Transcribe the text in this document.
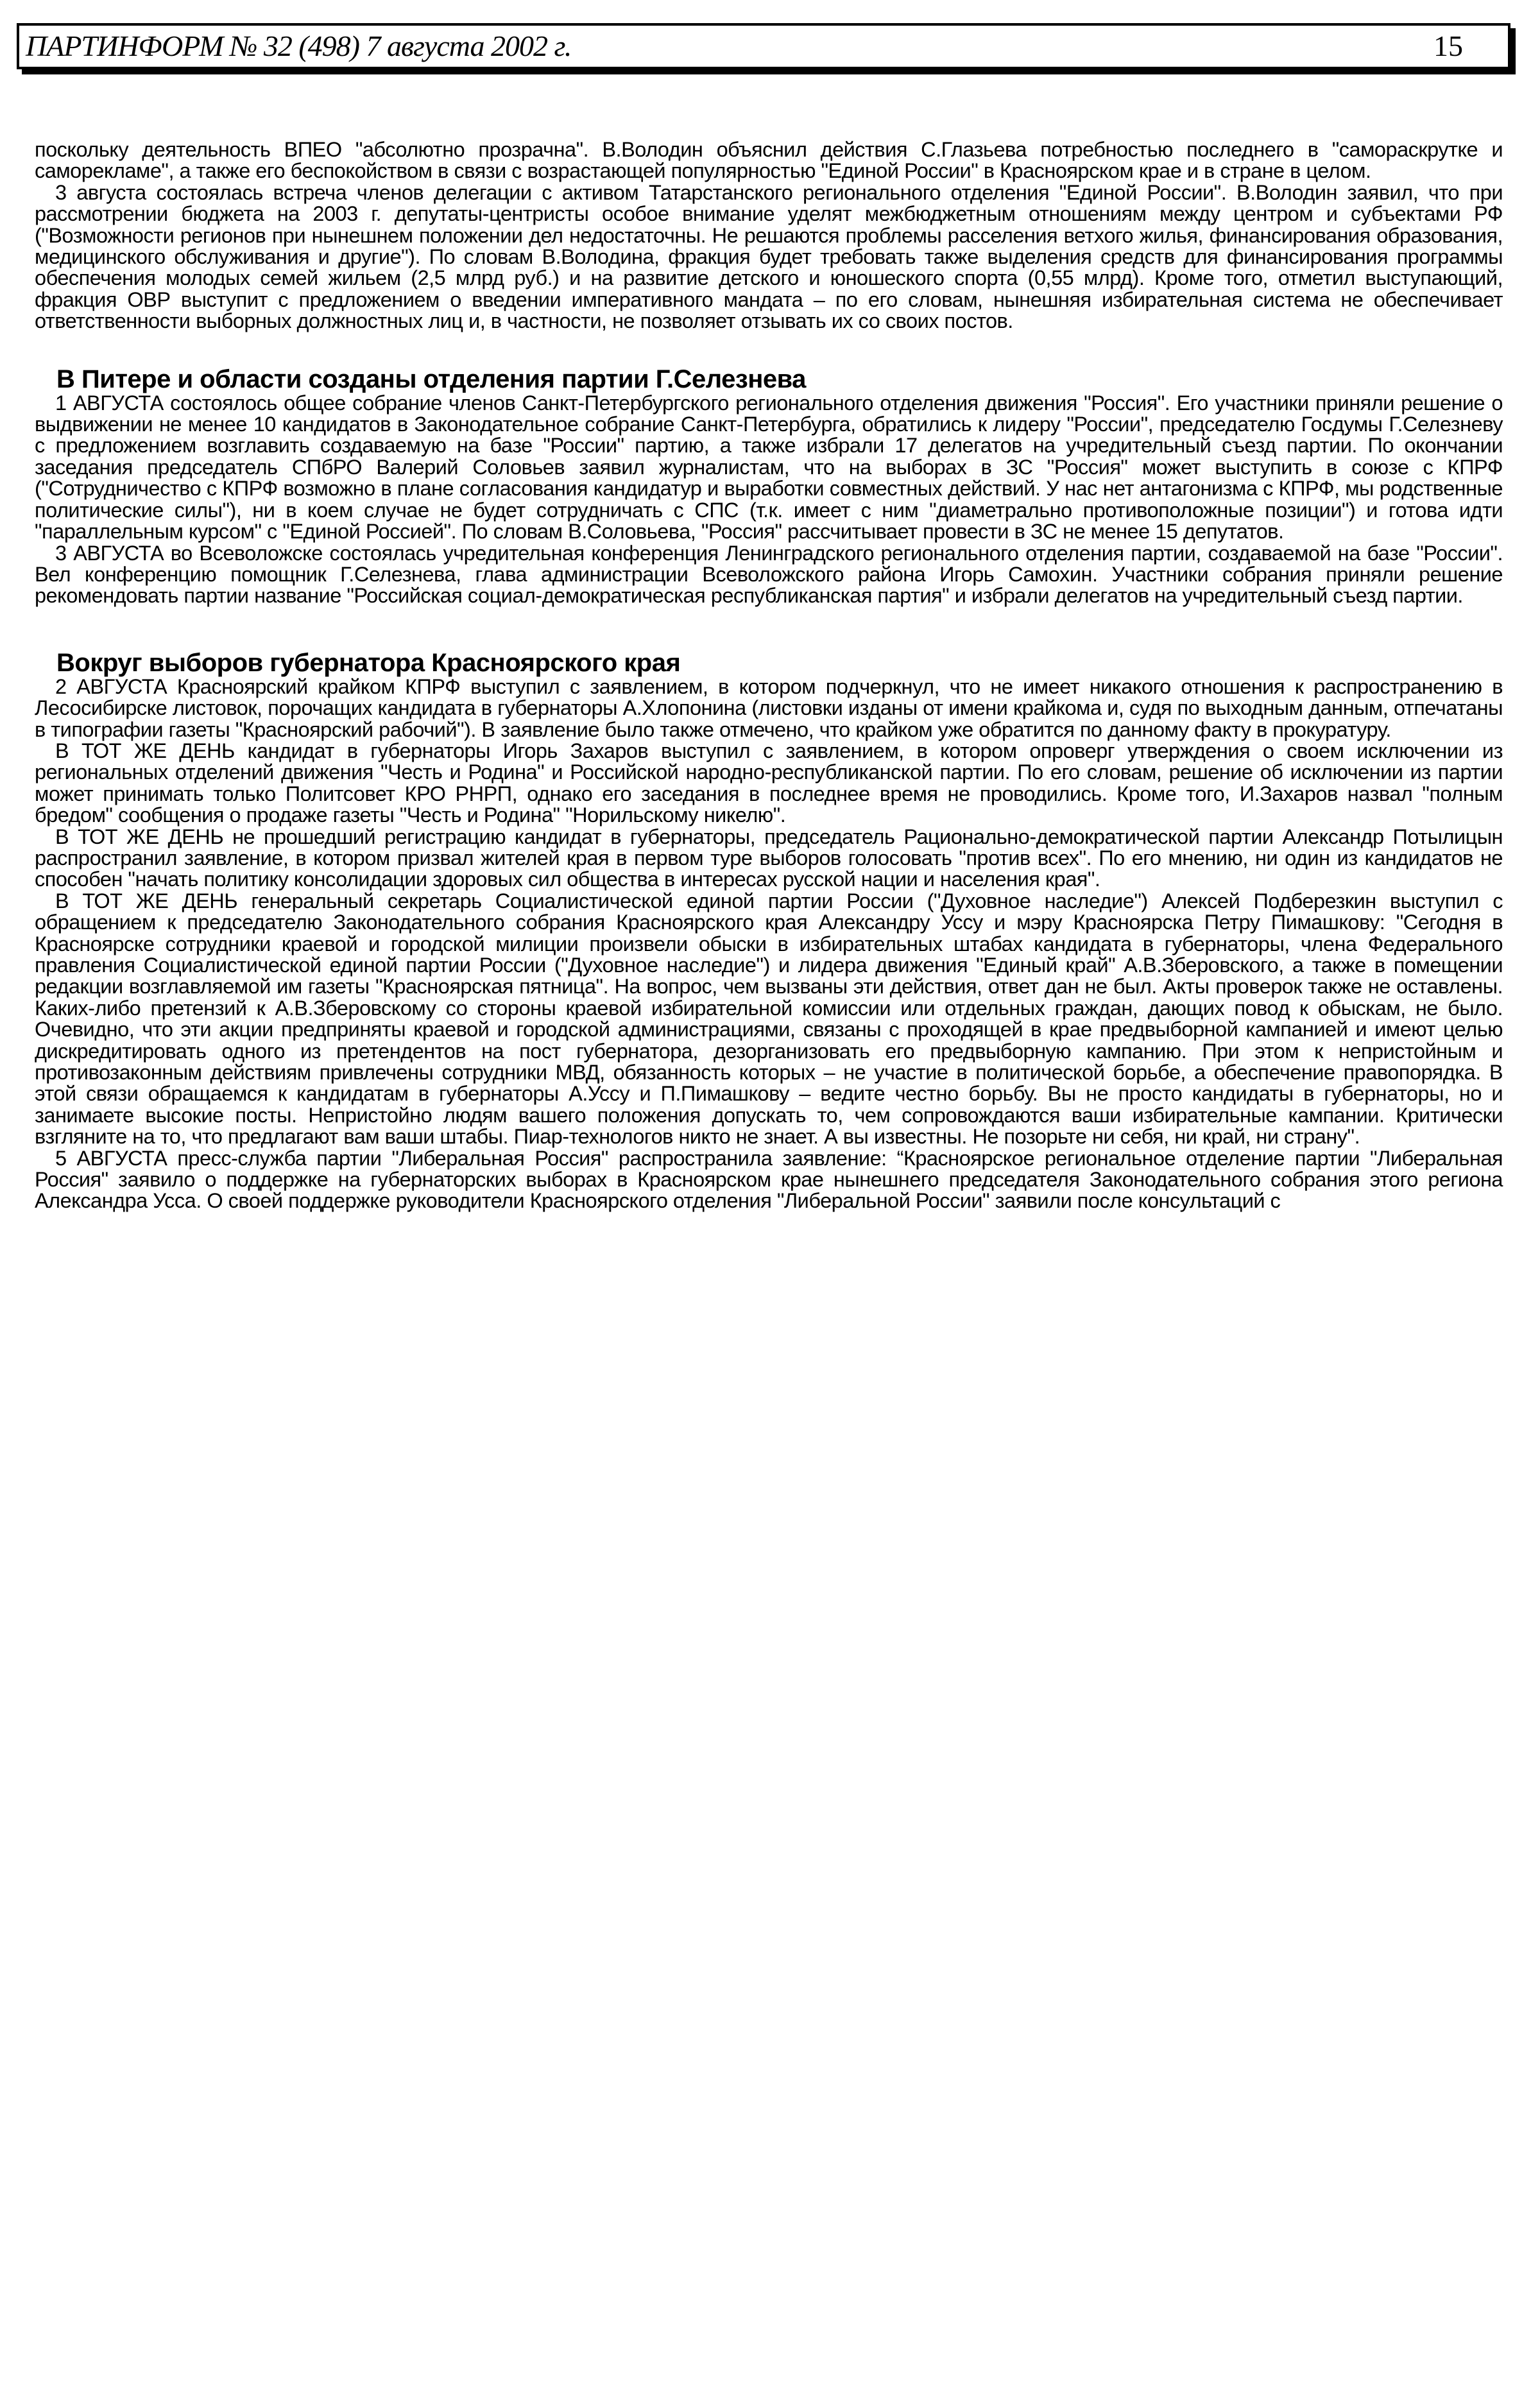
ПАРТИНФОРМ № 32 (498) 7 августа 2002 г.	15

поскольку деятельность ВПЕО "абсолютно прозрачна". В.Володин объяснил действия С.Глазьева потребностью последнего в "самораскрутке и саморекламе", а также его беспокойством в связи с возрастающей популярностью "Единой России" в Красноярском крае и в стране в целом.

3 августа состоялась встреча членов делегации с активом Татарстанского регионального отделения "Единой России". В.Володин заявил, что при рассмотрении бюджета на 2003 г. депутаты-центристы особое внимание уделят межбюджетным отношениям между центром и субъектами РФ ("Возможности регионов при нынешнем положении дел недостаточны. Не решаются проблемы расселения ветхого жилья, финансирования образования, медицинского обслуживания и другие"). По словам В.Володина, фракция будет требовать также выделения средств для финансирования программы обеспечения молодых семей жильем (2,5 млрд руб.) и на развитие детского и юношеского спорта (0,55 млрд). Кроме того, отметил выступающий, фракция ОВР выступит с предложением о введении императивного мандата – по его словам, нынешняя избирательная система не обеспечивает ответственности выборных должностных лиц и, в частности, не позволяет отзывать их со своих постов.

В Питере и области созданы отделения партии Г.Селезнева

1 АВГУСТА состоялось общее собрание членов Санкт-Петербургского регионального отделения движения "Россия". Его участники приняли решение о выдвижении не менее 10 кандидатов в Законодательное собрание Санкт-Петербурга, обратились к лидеру "России", председателю Госдумы Г.Селезневу с предложением возглавить создаваемую на базе "России" партию, а также избрали 17 делегатов на учредительный съезд партии. По окончании заседания председатель СПбРО Валерий Соловьев заявил журналистам, что на выборах в ЗС "Россия" может выступить в союзе с КПРФ ("Сотрудничество с КПРФ возможно в плане согласования кандидатур и выработки совместных действий. У нас нет антагонизма с КПРФ, мы родственные политические силы"), ни в коем случае не будет сотрудничать с СПС (т.к. имеет с ним "диаметрально противоположные позиции") и готова идти "параллельным курсом" с "Единой Россией". По словам В.Соловьева, "Россия" рассчитывает провести в ЗС не менее 15 депутатов.

3 АВГУСТА во Всеволожске состоялась учредительная конференция Ленинградского регионального отделения партии, создаваемой на базе "России". Вел конференцию помощник Г.Селезнева, глава администрации Всеволожского района Игорь Самохин. Участники собрания приняли решение рекомендовать партии название "Российская социал-демократическая республиканская партия" и избрали делегатов на учредительный съезд партии.

Вокруг выборов губернатора Красноярского края

2 АВГУСТА Красноярский крайком КПРФ выступил с заявлением, в котором подчеркнул, что не имеет никакого отношения к распространению в Лесосибирске листовок, порочащих кандидата в губернаторы А.Хлопонина (листовки изданы от имени крайкома и, судя по выходным данным, отпечатаны в типографии газеты "Красноярский рабочий"). В заявление было также отмечено, что крайком уже обратится по данному факту в прокуратуру.

В ТОТ ЖЕ ДЕНЬ кандидат в губернаторы Игорь Захаров выступил с заявлением, в котором опроверг утверждения о своем исключении из региональных отделений движения "Честь и Родина" и Российской народно-республиканской партии. По его словам, решение об исключении из партии может принимать только Политсовет КРО РНРП, однако его заседания в последнее время не проводились. Кроме того, И.Захаров назвал "полным бредом" сообщения о продаже газеты "Честь и Родина" "Норильскому никелю".

В ТОТ ЖЕ ДЕНЬ не прошедший регистрацию кандидат в губернаторы, председатель Рационально-демократической партии Александр Потылицын распространил заявление, в котором призвал жителей края в первом туре выборов голосовать "против всех". По его мнению, ни один из кандидатов не способен "начать политику консолидации здоровых сил общества в интересах русской нации и населения края".

В ТОТ ЖЕ ДЕНЬ генеральный секретарь Социалистической единой партии России ("Духовное наследие") Алексей Подберезкин выступил с обращением к председателю Законодательного собрания Красноярского края Александру Уссу и мэру Красноярска Петру Пимашкову: "Сегодня в Красноярске сотрудники краевой и городской милиции произвели обыски в избирательных штабах кандидата в губернаторы, члена Федерального правления Социалистической единой партии России ("Духовное наследие") и лидера движения "Единый край" А.В.Зберовского, а также в помещении редакции возглавляемой им газеты "Красноярская пятница". На вопрос, чем вызваны эти действия, ответ дан не был. Акты проверок также не оставлены. Каких-либо претензий к А.В.Зберовскому со стороны краевой избирательной комиссии или отдельных граждан, дающих повод к обыскам, не было. Очевидно, что эти акции предприняты краевой и городской администрациями, связаны с проходящей в крае предвыборной кампанией и имеют целью дискредитировать одного из претендентов на пост губернатора, дезорганизовать его предвыборную кампанию. При этом к непристойным и противозаконным действиям привлечены сотрудники МВД, обязанность которых – не участие в политической борьбе, а обеспечение правопорядка. В этой связи обращаемся к кандидатам в губернаторы А.Уссу и П.Пимашкову – ведите честно борьбу. Вы не просто кандидаты в губернаторы, но и занимаете высокие посты. Непристойно людям вашего положения допускать то, чем сопровождаются ваши избирательные кампании. Критически взгляните на то, что предлагают вам ваши штабы. Пиар-технологов никто не знает. А вы известны. Не позорьте ни себя, ни край, ни страну".

5 АВГУСТА пресс-служба партии "Либеральная Россия" распространила заявление: “Красноярское региональное отделение партии "Либеральная Россия" заявило о поддержке на губернаторских выборах в Красноярском крае нынешнего председателя Законодательного собрания этого региона Александра Усса. О своей поддержке руководители Красноярского отделения "Либеральной России" заявили после консультаций с
